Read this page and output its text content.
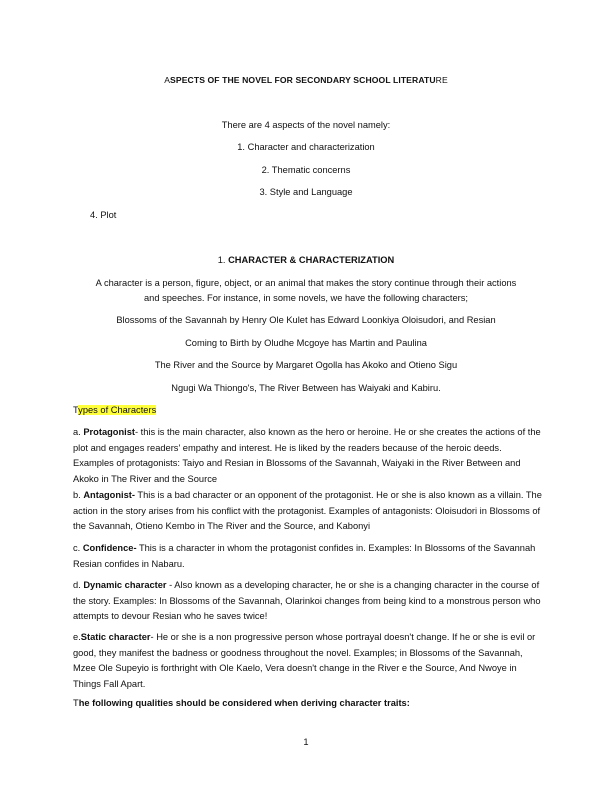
ASPECTS OF THE NOVEL FOR SECONDARY SCHOOL LITERATURE
There are 4 aspects of the novel namely:
1. Character and characterization
2. Thematic concerns
3. Style and Language
4. Plot
1. CHARACTER & CHARACTERIZATION
A character is a person, figure, object, or an animal that makes the story continue through their actions
and speeches. For instance, in some novels, we have the following characters;
Blossoms of the Savannah by Henry Ole Kulet has Edward Loonkiya Oloisudori, and Resian
Coming to Birth by Oludhe Mcgoye has Martin and Paulina
The River and the Source by Margaret Ogolla has Akoko and Otieno Sigu
Ngugi Wa Thiongo's, The River Between has Waiyaki and Kabiru.
Types of Characters

a. Protagonist- this is the main character, also known as the hero or heroine. He or she creates the actions of the plot and engages readers' empathy and interest. He is liked by the readers because of the heroic deeds. Examples of protagonists: Taiyo and Resian in Blossoms of the Savannah, Waiyaki in the River Between and Akoko in The River and the Source

b. Antagonist- This is a bad character or an opponent of the protagonist. He or she is also known as a villain. The action in the story arises from his conflict with the protagonist. Examples of antagonists: Oloisudori in Blossoms of the Savannah, Otieno Kembo in The River and the Source, and Kabonyi

c. Confidence- This is a character in whom the protagonist confides in. Examples: In Blossoms of the Savannah Resian confides in Nabaru.

d. Dynamic character - Also known as a developing character, he or she is a changing character in the course of the story. Examples: In Blossoms of the Savannah, Olarinkoi changes from being kind to a monstrous person who attempts to devour Resian who he saves twice!

e.Static character- He or she is a non progressive person whose portrayal doesn't change. If he or she is evil or good, they manifest the badness or goodness throughout the novel. Examples; in Blossoms of the Savannah, Mzee Ole Supeyio is forthright with Ole Kaelo, Vera doesn't change in the River e the Source, And Nwoye in Things Fall Apart.

The following qualities should be considered when deriving character traits:
1
